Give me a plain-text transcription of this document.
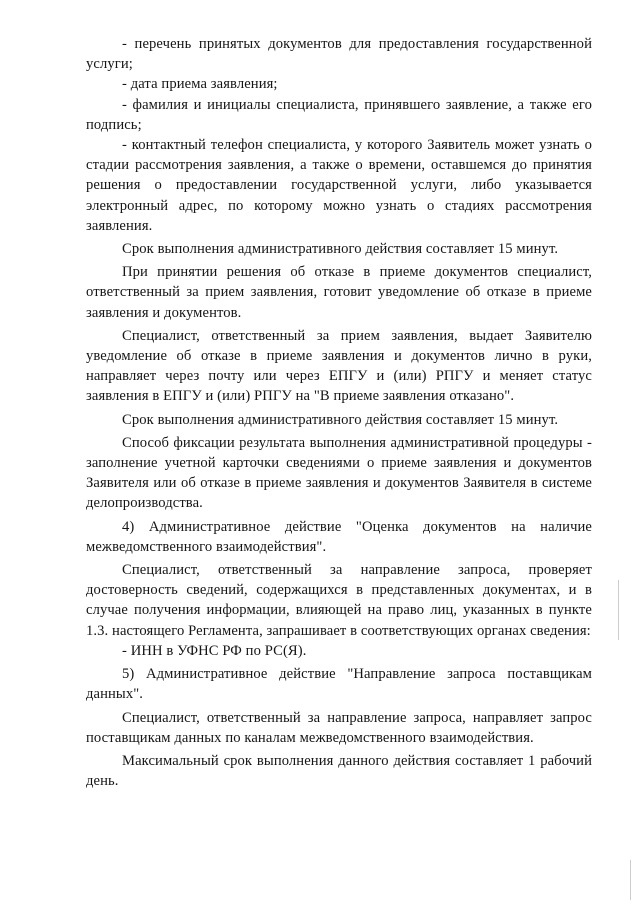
- перечень принятых документов для предоставления государственной услуги;

- дата приема заявления;

- фамилия и инициалы специалиста, принявшего заявление, а также его подпись;

- контактный телефон специалиста, у которого Заявитель может узнать о стадии рассмотрения заявления, а также о времени, оставшемся до принятия решения о предоставлении государственной услуги, либо указывается электронный адрес, по которому можно узнать о стадиях рассмотрения заявления.

Срок выполнения административного действия составляет 15 минут.

При принятии решения об отказе в приеме документов специалист, ответственный за прием заявления, готовит уведомление об отказе в приеме заявления и документов.

Специалист, ответственный за прием заявления, выдает Заявителю уведомление об отказе в приеме заявления и документов лично в руки, направляет через почту или через ЕПГУ и (или) РПГУ и меняет статус заявления в ЕПГУ и (или) РПГУ на "В приеме заявления отказано".

Срок выполнения административного действия составляет 15 минут.

Способ фиксации результата выполнения административной процедуры - заполнение учетной карточки сведениями о приеме заявления и документов Заявителя или об отказе в приеме заявления и документов Заявителя в системе делопроизводства.

4) Административное действие "Оценка документов на наличие межведомственного взаимодействия".

Специалист, ответственный за направление запроса, проверяет достоверность сведений, содержащихся в представленных документах, и в случае получения информации, влияющей на право лиц, указанных в пункте 1.3. настоящего Регламента, запрашивает в соответствующих органах сведения:

- ИНН в УФНС РФ по РС(Я).

5) Административное действие "Направление запроса поставщикам данных".

Специалист, ответственный за направление запроса, направляет запрос поставщикам данных по каналам межведомственного взаимодействия.

Максимальный срок выполнения данного действия составляет 1 рабочий день.
